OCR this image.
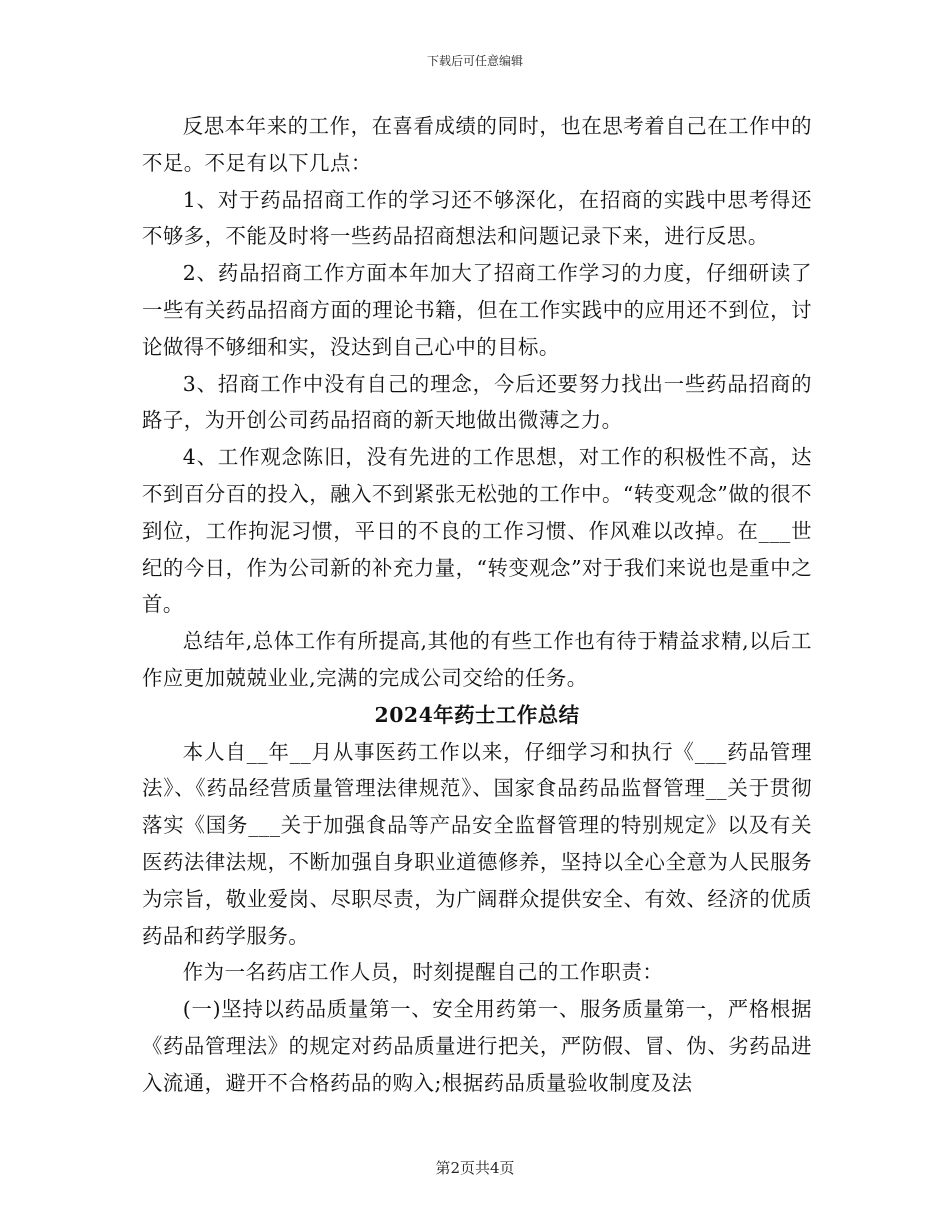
下载后可任意编辑

反思本年来的工作，在喜看成绩的同时，也在思考着自己在工作中的不足。不足有以下几点：

1、对于药品招商工作的学习还不够深化，在招商的实践中思考得还不够多，不能及时将一些药品招商想法和问题记录下来，进行反思。

2、药品招商工作方面本年加大了招商工作学习的力度，仔细研读了一些有关药品招商方面的理论书籍，但在工作实践中的应用还不到位，讨论做得不够细和实，没达到自己心中的目标。

3、招商工作中没有自己的理念，今后还要努力找出一些药品招商的路子，为开创公司药品招商的新天地做出微薄之力。

4、工作观念陈旧，没有先进的工作思想，对工作的积极性不高，达不到百分百的投入，融入不到紧张无松弛的工作中。“转变观念”做的很不到位，工作拘泥习惯，平日的不良的工作习惯、作风难以改掉。在___世纪的今日，作为公司新的补充力量，“转变观念”对于我们来说也是重中之首。

总结年,总体工作有所提高,其他的有些工作也有待于精益求精,以后工作应更加兢兢业业,完满的完成公司交给的任务。

2024年药士工作总结

本人自__年__月从事医药工作以来，仔细学习和执行《___药品管理法》、《药品经营质量管理法律规范》、国家食品药品监督管理__关于贯彻落实《国务___关于加强食品等产品安全监督管理的特别规定》以及有关医药法律法规，不断加强自身职业道德修养，坚持以全心全意为人民服务为宗旨，敬业爱岗、尽职尽责，为广阔群众提供安全、有效、经济的优质药品和药学服务。

作为一名药店工作人员，时刻提醒自己的工作职责：

(一)坚持以药品质量第一、安全用药第一、服务质量第一，严格根据《药品管理法》的规定对药品质量进行把关，严防假、冒、伪、劣药品进入流通，避开不合格药品的购入;根据药品质量验收制度及法

第2页共4页
